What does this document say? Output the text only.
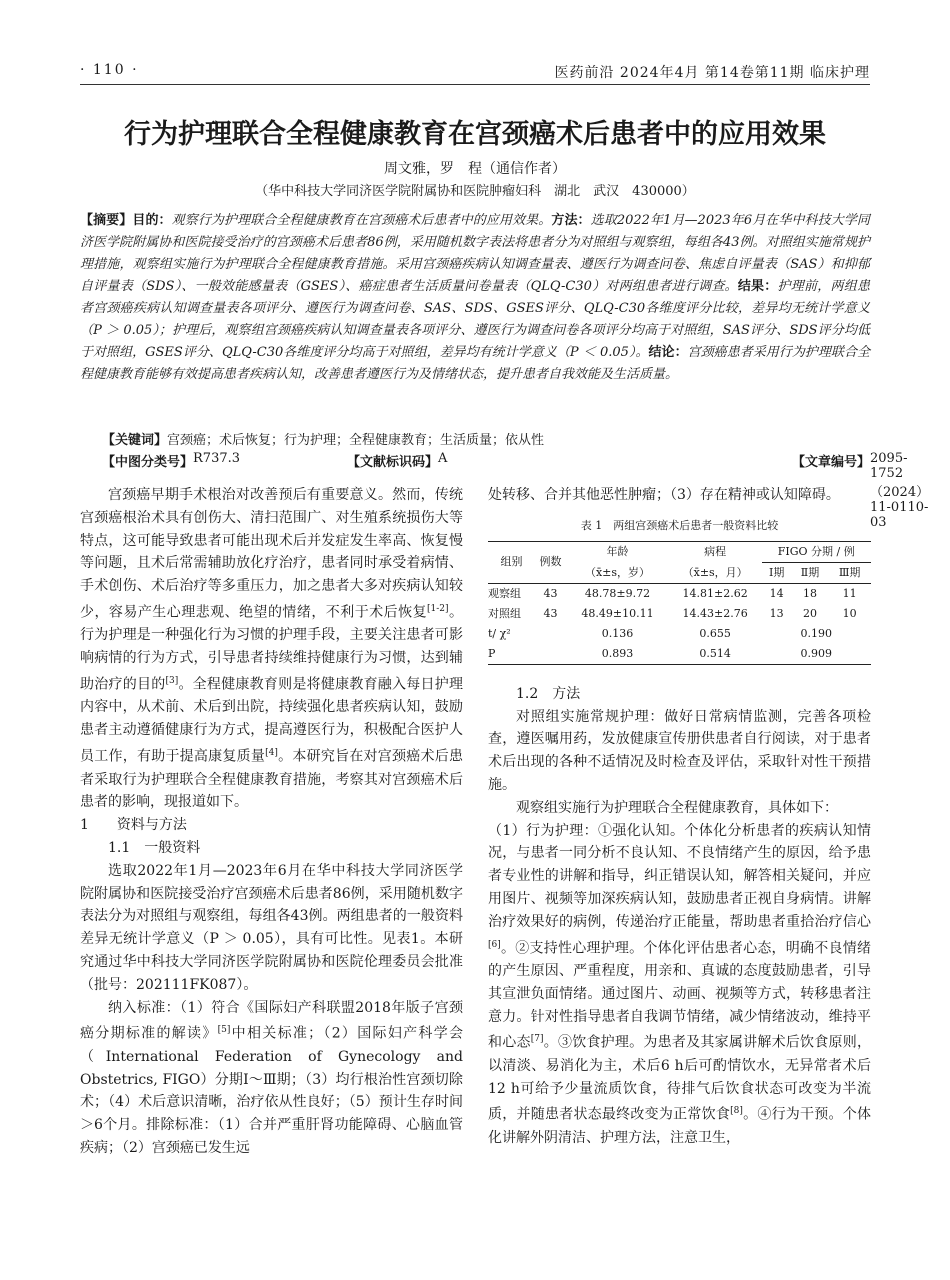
· 110 ·	医药前沿 2024年4月 第14卷第11期 临床护理
行为护理联合全程健康教育在宫颈癌术后患者中的应用效果
周文雅，罗　程（通信作者）
（华中科技大学同济医学院附属协和医院肿瘤妇科　湖北　武汉　430000）
【摘要】目的：观察行为护理联合全程健康教育在宫颈癌术后患者中的应用效果。方法：选取2022年1月—2023年6月在华中科技大学同济医学院附属协和医院接受治疗的宫颈癌术后患者86例，采用随机数字表法将患者分为对照组与观察组，每组各43例。对照组实施常规护理措施，观察组实施行为护理联合全程健康教育措施。采用宫颈癌疾病认知调查量表、遵医行为调查问卷、焦虑自评量表（SAS）和抑郁自评量表（SDS）、一般效能感量表（GSES）、癌症患者生活质量问卷量表（QLQ-C30）对两组患者进行调查。结果：护理前，两组患者宫颈癌疾病认知调查量表各项评分、遵医行为调查问卷、SAS、SDS、GSES评分、QLQ-C30各维度评分比较，差异均无统计学意义（P ＞ 0.05）；护理后，观察组宫颈癌疾病认知调查量表各项评分、遵医行为调查问卷各项评分均高于对照组，SAS评分、SDS评分均低于对照组，GSES评分、QLQ-C30各维度评分均高于对照组，差异均有统计学意义（P ＜ 0.05）。结论：宫颈癌患者采用行为护理联合全程健康教育能够有效提高患者疾病认知，改善患者遵医行为及情绪状态，提升患者自我效能及生活质量。
【关键词】宫颈癌；术后恢复；行为护理；全程健康教育；生活质量；依从性
【中图分类号】 R737.3	【文献标识码】 A	【文章编号】 2095-1752（2024）11-0110-03

宫颈癌早期手术根治对改善预后有重要意义。然而，传统宫颈癌根治术具有创伤大、清扫范围广、对生殖系统损伤大等特点，这可能导致患者可能出现术后并发症发生率高、恢复慢等问题，且术后常需辅助放化疗治疗，患者同时承受着病情、手术创伤、术后治疗等多重压力，加之患者大多对疾病认知较少，容易产生心理悲观、绝望的情绪，不利于术后恢复[1-2]。行为护理是一种强化行为习惯的护理手段，主要关注患者可影响病情的行为方式，引导患者持续维持健康行为习惯，达到辅助治疗的目的[3]。全程健康教育则是将健康教育融入每日护理内容中，从术前、术后到出院，持续强化患者疾病认知，鼓励患者主动遵循健康行为方式，提高遵医行为，积极配合医护人员工作，有助于提高康复质量[4]。本研究旨在对宫颈癌术后患者采取行为护理联合全程健康教育措施，考察其对宫颈癌术后患者的影响，现报道如下。

1　　资料与方法

1.1　一般资料

选取2022年1月—2023年6月在华中科技大学同济医学院附属协和医院接受治疗宫颈癌术后患者86例，采用随机数字表法分为对照组与观察组，每组各43例。两组患者的一般资料差异无统计学意义（P ＞ 0.05），具有可比性。见表1。本研究通过华中科技大学同济医学院附属协和医院伦理委员会批准（批号：202111FK087）。

纳入标准：（1）符合《国际妇产科联盟2018年版子宫颈癌分期标准的解读》[5]中相关标准；（2）国际妇产科学会（International Federation of Gynecology and Obstetrics, FIGO）分期Ⅰ～Ⅲ期；（3）均行根治性宫颈切除术；（4）术后意识清晰，治疗依从性良好；（5）预计生存时间＞6个月。排除标准：（1）合并严重肝肾功能障碍、心脑血管疾病；（2）宫颈癌已发生远

处转移、合并其他恶性肿瘤；（3）存在精神或认知障碍。

表 1　两组宫颈癌术后患者一般资料比较
组别	例数	年龄	病程	FIGO 分期 / 例		
		（x̄±s，岁）	（x̄±s，月）	Ⅰ期	Ⅱ期	Ⅲ期
观察组	43	48.78±9.72	14.81±2.62	14	18	11
对照组	43	48.49±10.11	14.43±2.76	13	20	10
t/ χ²		0.136	0.655	0.190		
P		0.893	0.514	0.909		

1.2　方法

对照组实施常规护理：做好日常病情监测，完善各项检查，遵医嘱用药，发放健康宣传册供患者自行阅读，对于患者术后出现的各种不适情况及时检查及评估，采取针对性干预措施。

观察组实施行为护理联合全程健康教育，具体如下：

（1）行为护理：①强化认知。个体化分析患者的疾病认知情况，与患者一同分析不良认知、不良情绪产生的原因，给予患者专业性的讲解和指导，纠正错误认知，解答相关疑问，并应用图片、视频等加深疾病认知，鼓励患者正视自身病情。讲解治疗效果好的病例，传递治疗正能量，帮助患者重拾治疗信心[6]。②支持性心理护理。个体化评估患者心态，明确不良情绪的产生原因、严重程度，用亲和、真诚的态度鼓励患者，引导其宣泄负面情绪。通过图片、动画、视频等方式，转移患者注意力。针对性指导患者自我调节情绪，减少情绪波动，维持平和心态[7]。③饮食护理。为患者及其家属讲解术后饮食原则，以清淡、易消化为主，术后6 h后可酌情饮水，无异常者术后12 h可给予少量流质饮食，待排气后饮食状态可改变为半流质，并随患者状态最终改变为正常饮食[8]。④行为干预。个体化讲解外阴清洁、护理方法，注意卫生，
